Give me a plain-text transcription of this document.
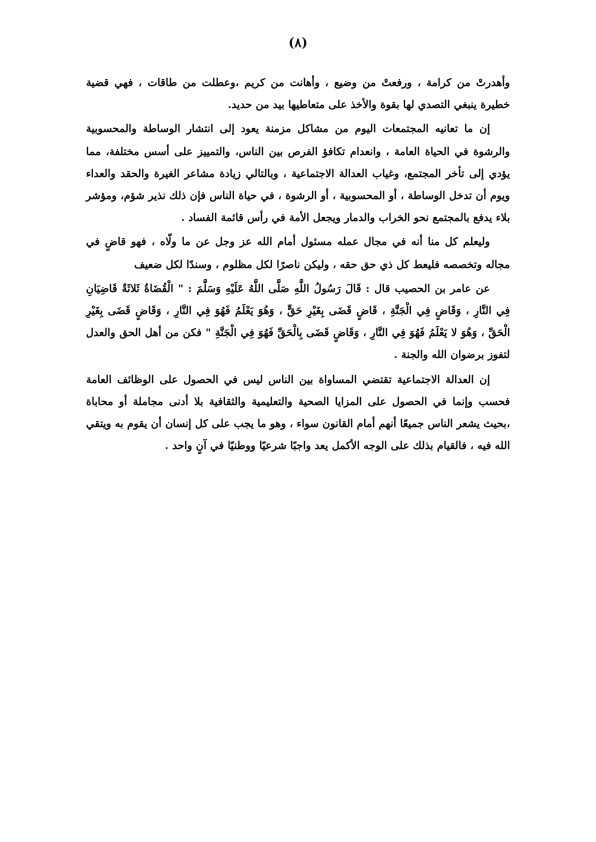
(٨)

وأهدرتْ من كرامة ، ورفعتْ من وضيع ، وأهانت من كريم ،وعطلت من طاقات ، فهي قضية خطيرة ينبغي التصدي لها بقوة والأخذ على متعاطيها بيد من حديد.

إن ما تعانيه المجتمعات اليوم من مشاكل مزمنة يعود إلى انتشار الوساطة والمحسوبية والرشوة في الحياة العامة ، وانعدام تكافؤ الفرص بين الناس، والتمييز على أسس مختلفة، مما يؤدي إلى تأخر المجتمع، وغياب العدالة الاجتماعية ، وبالتالي زيادة مشاعر الغيرة والحقد والعداء ويوم أن تدخل الوساطة ، أو المحسوبية ، أو الرشوة ، في حياة الناس فإن ذلك نذير شؤم، ومؤشر بلاء يدفع بالمجتمع نحو الخراب والدمار ويجعل الأمة في رأس قائمة الفساد .

وليعلم كل منا أنه في مجال عمله مسئول أمام الله عز وجل عن ما ولّاه ، فهو قاضٍ في مجاله وتخصصه فليعط كل ذي حق حقه ، وليكن ناصرًا لكل مظلوم ، وسندًا لكل ضعيف

عن عامر بن الحصيب قال : قَالَ رَسُولُ اللَّهِ صَلَّى اللَّهُ عَلَيْهِ وَسَلَّمَ : " الْقُضَاةُ ثَلاثَةٌ قَاضِيَانِ فِي النَّارِ ، وَقَاضٍ فِي الْجَنَّةِ ، قَاضٍ قَضَى بِغَيْرِ حَقٍّ ، وَهُوَ يَعْلَمُ فَهُوَ فِي النَّارِ ، وَقَاضٍ قَضَى بِغَيْرِ الْحَقِّ ، وَهُوَ لا يَعْلَمُ فَهُوَ فِي النَّارِ ، وَقَاضٍ قَضَى بِالْحَقِّ فَهُوَ فِي الْجَنَّةِ " فكن من أهل الحق والعدل لتفوز برضوان الله والجنة .

إن العدالة الاجتماعية تقتضي المساواة بين الناس ليس في الحصول على الوظائف العامة فحسب وإنما في الحصول على المزايا الصحية والتعليمية والثقافية بلا أدنى مجاملة أو محاباة ،بحيث يشعر الناس جميعًا أنهم أمام القانون سواء ، وهو ما يجب على كل إنسان أن يقوم به ويتقي الله فيه ، فالقيام بذلك على الوجه الأكمل يعد واجبًا شرعيًا ووطنيًا في آنٍ واحد .
